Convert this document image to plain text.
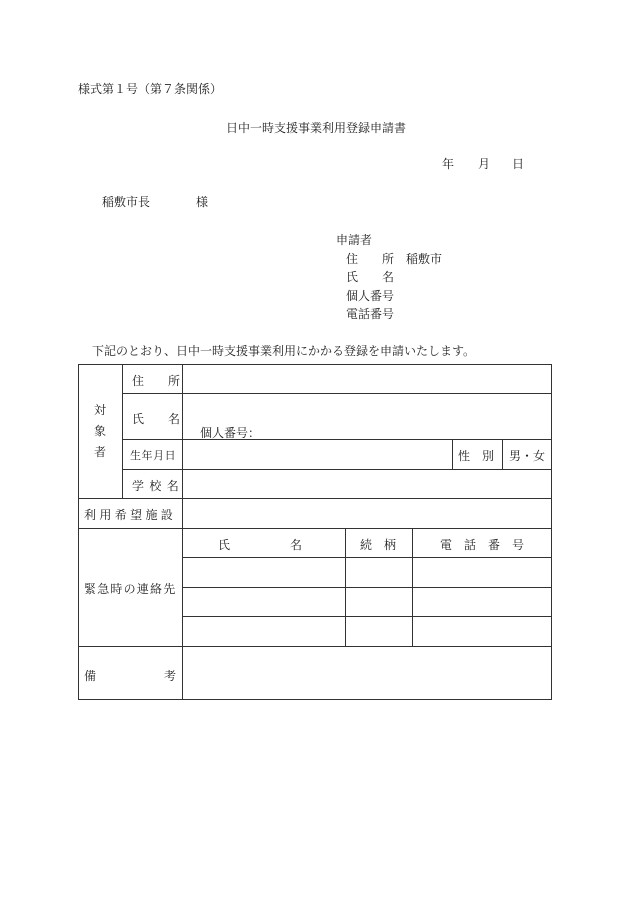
様式第１号（第７条関係）
日中一時支援事業利用登録申請書
年 月 日
稲敷市長	様
申請者
住　　所 稲敷市
氏　　名
個人番号
電話番号
下記のとおり、日中一時支援事業利用にかかる登録を申請いたします。
対象者
住　　所
氏　　名
個人番号：
生年月日	性　別 男・女
学校名
利用希望施設
緊急時の連絡先
氏　　　　　名	続　柄	電　話　番　号
備	考
